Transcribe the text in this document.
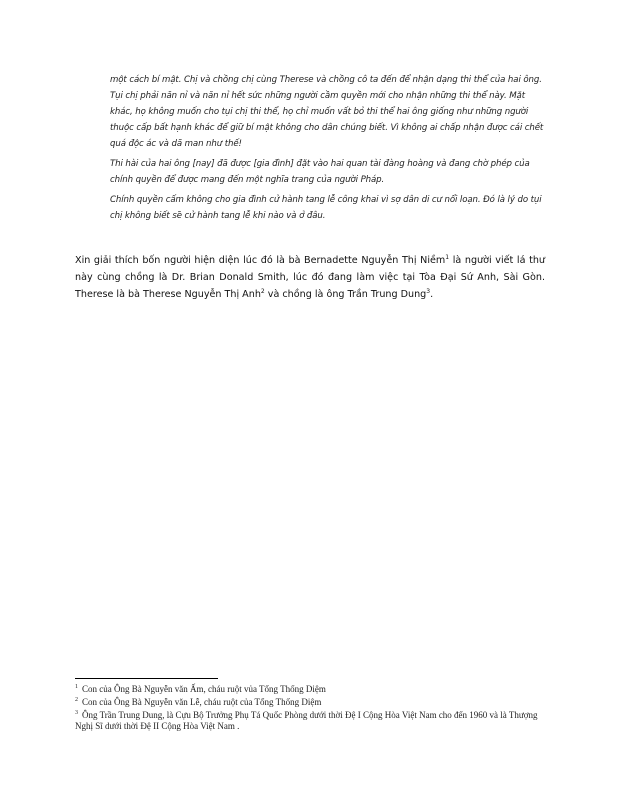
một cách bí mật. Chị và chồng chị cùng Therese và chồng cô ta đến để nhận dạng thi thể của hai ông. Tụi chị phải năn nỉ và năn nỉ hết sức những người cầm quyền mới cho nhận những thi thể này. Mặt khác, họ không muốn cho tụi chị thi thể, họ chỉ muốn vất bỏ thi thể hai ông giống như những người thuộc cấp bất hạnh khác để giữ bí mật không cho dân chúng biết. Vì không ai chấp nhận được cái chết quá độc ác và dã man như thế!

Thi hài của hai ông [nay] đã được [gia đình] đặt vào hai quan tài đàng hoàng và đang chờ phép của chính quyền để được mang đến một nghĩa trang của người Pháp.

Chính quyền cấm không cho gia đình cử hành tang lễ công khai vì sợ dân di cư nổi loạn. Đó là lý do tụi chị không biết sẽ cử hành tang lễ khi nào và ở đâu.

Xin giải thích bốn người hiện diện lúc đó là bà Bernadette Nguyễn Thị Niềm$^1$ là người viết lá thư này cùng chồng là Dr. Brian Donald Smith, lúc đó đang làm việc tại Tòa Đại Sứ Anh, Sài Gòn. Therese là bà Therese Nguyễn Thị Anh$^2$ và chồng là ông Trần Trung Dung$^3$.

$^1$ Con của Ông Bà Nguyễn văn Ấm, cháu ruột vủa Tổng Thống Diệm

$^2$ Con của Ông Bà Nguyễn văn Lễ, cháu ruột của Tổng Thống Diệm

$^3$ Ông Trần Trung Dung, là Cựu Bộ Trưởng Phụ Tá Quốc Phòng dưới thời Đệ I Cộng Hòa Việt Nam cho đến 1960 và là Thượng Nghị Sĩ dưới thời Đệ II Cộng Hòa Việt Nam .
